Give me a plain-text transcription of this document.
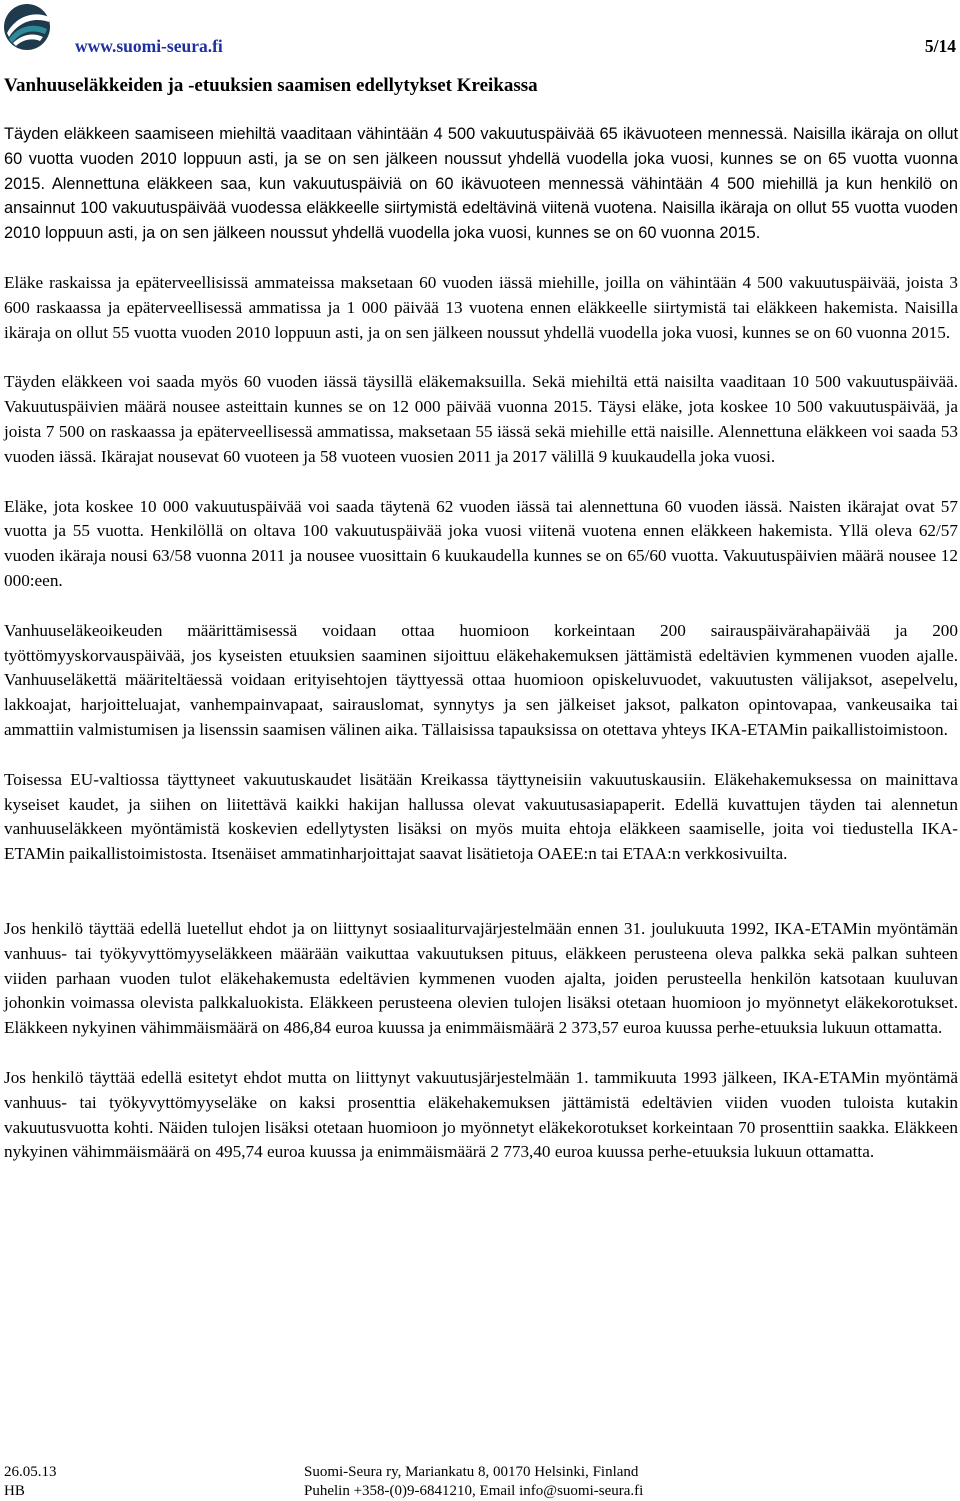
www.suomi-seura.fi	5/14
Vanhuuseläkkeiden ja -etuuksien saamisen edellytykset Kreikassa

Täyden eläkkeen saamiseen miehiltä vaaditaan vähintään 4 500 vakuutuspäivää 65 ikävuoteen mennessä. Naisilla ikäraja on ollut 60 vuotta vuoden 2010 loppuun asti, ja se on sen jälkeen noussut yhdellä vuodella joka vuosi, kunnes se on 65 vuotta vuonna 2015. Alennettuna eläkkeen saa, kun vakuutuspäiviä on 60 ikävuoteen mennessä vähintään 4 500 miehillä ja kun henkilö on ansainnut 100 vakuutuspäivää vuodessa eläkkeelle siirtymistä edeltävinä viitenä vuotena. Naisilla ikäraja on ollut 55 vuotta vuoden 2010 loppuun asti, ja on sen jälkeen noussut yhdellä vuodella joka vuosi, kunnes se on 60 vuonna 2015.

Eläke raskaissa ja epäterveellisissä ammateissa maksetaan 60 vuoden iässä miehille, joilla on vähintään 4 500 vakuutuspäivää, joista 3 600 raskaassa ja epäterveellisessä ammatissa ja 1 000 päivää 13 vuotena ennen eläkkeelle siirtymistä tai eläkkeen hakemista. Naisilla ikäraja on ollut 55 vuotta vuoden 2010 loppuun asti, ja on sen jälkeen noussut yhdellä vuodella joka vuosi, kunnes se on 60 vuonna 2015.

Täyden eläkkeen voi saada myös 60 vuoden iässä täysillä eläkemaksuilla. Sekä miehiltä että naisilta vaaditaan 10 500 vakuutuspäivää. Vakuutuspäivien määrä nousee asteittain kunnes se on 12 000 päivää vuonna 2015. Täysi eläke, jota koskee 10 500 vakuutuspäivää, ja joista 7 500 on raskaassa ja epäterveellisessä ammatissa, maksetaan 55 iässä sekä miehille että naisille. Alennettuna eläkkeen voi saada 53 vuoden iässä. Ikärajat nousevat 60 vuoteen ja 58 vuoteen vuosien 2011 ja 2017 välillä 9 kuukaudella joka vuosi.

Eläke, jota koskee 10 000 vakuutuspäivää voi saada täytenä 62 vuoden iässä tai alennettuna 60 vuoden iässä. Naisten ikärajat ovat 57 vuotta ja 55 vuotta. Henkilöllä on oltava 100 vakuutuspäivää joka vuosi viitenä vuotena ennen eläkkeen hakemista. Yllä oleva 62/57 vuoden ikäraja nousi 63/58 vuonna 2011 ja nousee vuosittain 6 kuukaudella kunnes se on 65/60 vuotta. Vakuutuspäivien määrä nousee 12 000:een.

Vanhuuseläkeoikeuden määrittämisessä voidaan ottaa huomioon korkeintaan 200 sairauspäivärahapäivää ja 200 työttömyyskorvauspäivää, jos kyseisten etuuksien saaminen sijoittuu eläkehakemuksen jättämistä edeltävien kymmenen vuoden ajalle. Vanhuuseläkettä määriteltäessä voidaan erityisehtojen täyttyessä ottaa huomioon opiskeluvuodet, vakuutusten välijaksot, asepelvelu, lakkoajat, harjoitteluajat, vanhempainvapaat, sairauslomat, synnytys ja sen jälkeiset jaksot, palkaton opintovapaa, vankeusaika tai ammattiin valmistumisen ja lisenssin saamisen välinen aika. Tällaisissa tapauksissa on otettava yhteys IKA-ETAMin paikallistoimistoon.

Toisessa EU-valtiossa täyttyneet vakuutuskaudet lisätään Kreikassa täyttyneisiin vakuutuskausiin. Eläkehakemuksessa on mainittava kyseiset kaudet, ja siihen on liitettävä kaikki hakijan hallussa olevat vakuutusasiapaperit. Edellä kuvattujen täyden tai alennetun vanhuuseläkkeen myöntämistä koskevien edellytysten lisäksi on myös muita ehtoja eläkkeen saamiselle, joita voi tiedustella IKA-ETAMin paikallistoimistosta. Itsenäiset ammatinharjoittajat saavat lisätietoja OAEE:n tai ETAA:n verkkosivuilta.

Jos henkilö täyttää edellä luetellut ehdot ja on liittynyt sosiaaliturvajärjestelmään ennen 31. joulukuuta 1992, IKA-ETAMin myöntämän vanhuus- tai työkyvyttömyyseläkkeen määrään vaikuttaa vakuutuksen pituus, eläkkeen perusteena oleva palkka sekä palkan suhteen viiden parhaan vuoden tulot eläkehakemusta edeltävien kymmenen vuoden ajalta, joiden perusteella henkilön katsotaan kuuluvan johonkin voimassa olevista palkkaluokista. Eläkkeen perusteena olevien tulojen lisäksi otetaan huomioon jo myönnetyt eläkekorotukset. Eläkkeen nykyinen vähimmäismäärä on 486,84 euroa kuussa ja enimmäismäärä 2 373,57 euroa kuussa perhe-etuuksia lukuun ottamatta.

Jos henkilö täyttää edellä esitetyt ehdot mutta on liittynyt vakuutusjärjestelmään 1. tammikuuta 1993 jälkeen, IKA-ETAMin myöntämä vanhuus- tai työkyvyttömyyseläke on kaksi prosenttia eläkehakemuksen jättämistä edeltävien viiden vuoden tuloista kutakin vakuutusvuotta kohti. Näiden tulojen lisäksi otetaan huomioon jo myönnetyt eläkekorotukset korkeintaan 70 prosenttiin saakka. Eläkkeen nykyinen vähimmäismäärä on 495,74 euroa kuussa ja enimmäismäärä 2 773,40 euroa kuussa perhe-etuuksia lukuun ottamatta.

26.05.13
HB
Suomi-Seura ry, Mariankatu 8, 00170 Helsinki, Finland
Puhelin +358-(0)9-6841210, Email info@suomi-seura.fi
